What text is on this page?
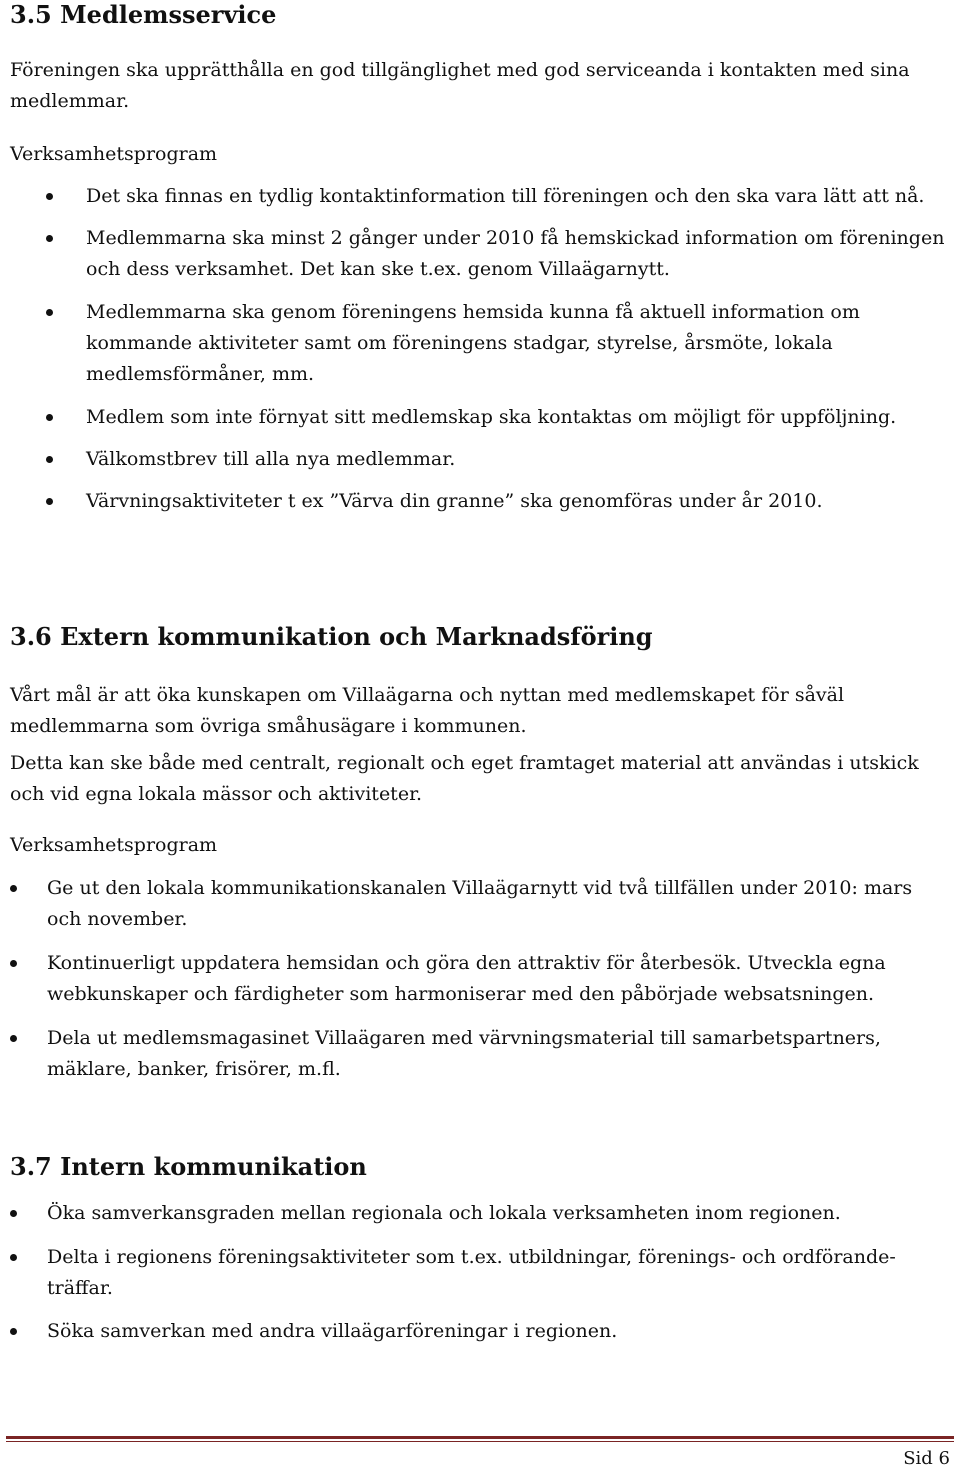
3.5 Medlemsservice

Föreningen ska upprätthålla en god tillgänglighet med god serviceanda i kontakten med sina medlemmar.

Verksamhetsprogram
Det ska finnas en tydlig kontaktinformation till föreningen och den ska vara lätt att nå.
Medlemmarna ska minst 2 gånger under 2010 få hemskickad information om föreningen och dess verksamhet. Det kan ske t.ex. genom Villaägarnytt.
Medlemmarna ska genom föreningens hemsida kunna få aktuell information om kommande aktiviteter samt om föreningens stadgar, styrelse, årsmöte, lokala medlemsförmåner, mm.
Medlem som inte förnyat sitt medlemskap ska kontaktas om möjligt för uppföljning.
Välkomstbrev till alla nya medlemmar.
Värvningsaktiviteter t ex ”Värva din granne” ska genomföras under år 2010.
3.6 Extern kommunikation och Marknadsföring

Vårt mål är att öka kunskapen om Villaägarna och nyttan med medlemskapet för såväl medlemmarna som övriga småhusägare i kommunen.

Detta kan ske både med centralt, regionalt och eget framtaget material att användas i utskick och vid egna lokala mässor och aktiviteter.

Verksamhetsprogram
Ge ut den lokala kommunikationskanalen Villaägarnytt vid två tillfällen under 2010: mars och november.
Kontinuerligt uppdatera hemsidan och göra den attraktiv för återbesök. Utveckla egna webkunskaper och färdigheter som harmoniserar med den påbörjade websatsningen.
Dela ut medlemsmagasinet Villaägaren med värvningsmaterial till samarbetspartners, mäklare, banker, frisörer, m.fl.
3.7 Intern kommunikation
Öka samverkansgraden mellan regionala och lokala verksamheten inom regionen.
Delta i regionens föreningsaktiviteter som t.ex. utbildningar, förenings- och ordförande-träffar.
Söka samverkan med andra villaägarföreningar i regionen.
Sid 6
